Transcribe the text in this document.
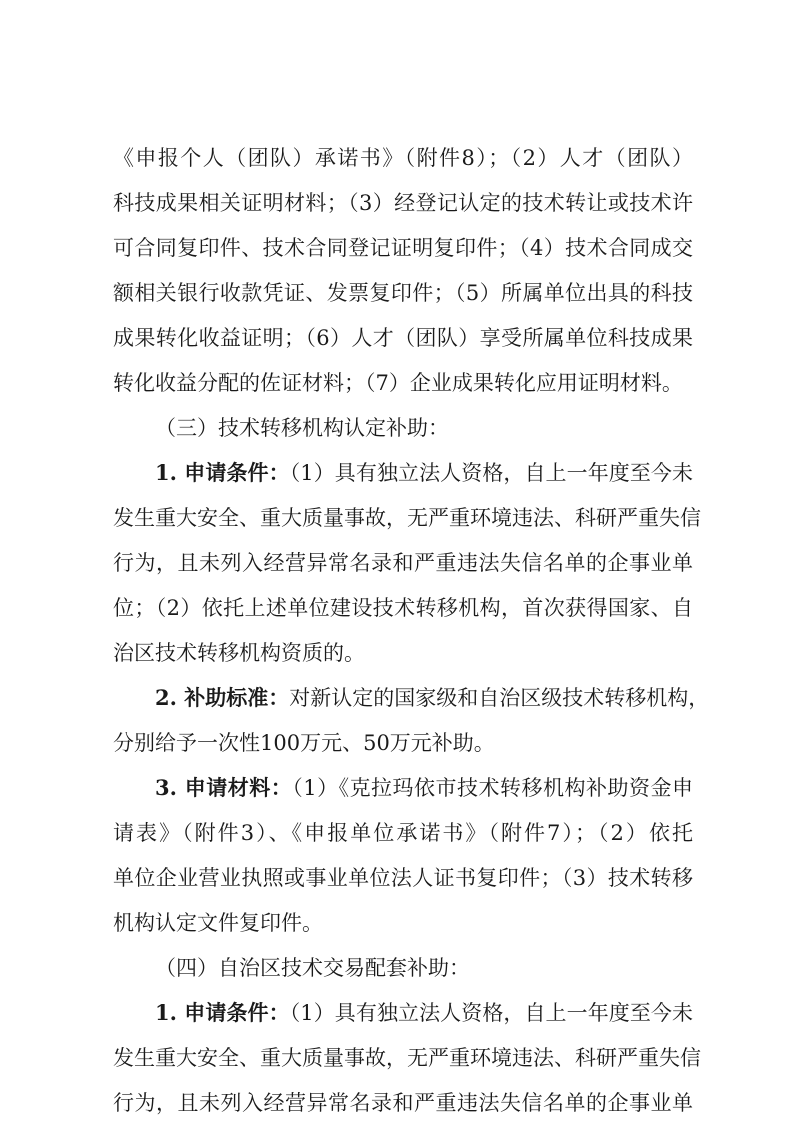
《申报个人（团队）承诺书》（附件8）；（2）人才（团队）
科技成果相关证明材料；（3）经登记认定的技术转让或技术许
可合同复印件、技术合同登记证明复印件；（4）技术合同成交
额相关银行收款凭证、发票复印件；（5）所属单位出具的科技
成果转化收益证明；（6）人才（团队）享受所属单位科技成果
转化收益分配的佐证材料；（7）企业成果转化应用证明材料。
（三）技术转移机构认定补助：
1. 申请条件：（1）具有独立法人资格，自上一年度至今未
发生重大安全、重大质量事故，无严重环境违法、科研严重失信
行为，且未列入经营异常名录和严重违法失信名单的企事业单
位；（2）依托上述单位建设技术转移机构，首次获得国家、自
治区技术转移机构资质的。
2. 补助标准：对新认定的国家级和自治区级技术转移机构，
分别给予一次性100万元、50万元补助。
3. 申请材料：（1）《克拉玛依市技术转移机构补助资金申
请表》（附件3）、《申报单位承诺书》（附件7）；（2）依托
单位企业营业执照或事业单位法人证书复印件；（3）技术转移
机构认定文件复印件。
（四）自治区技术交易配套补助：
1. 申请条件：（1）具有独立法人资格，自上一年度至今未
发生重大安全、重大质量事故，无严重环境违法、科研严重失信
行为，且未列入经营异常名录和严重违法失信名单的企事业单
